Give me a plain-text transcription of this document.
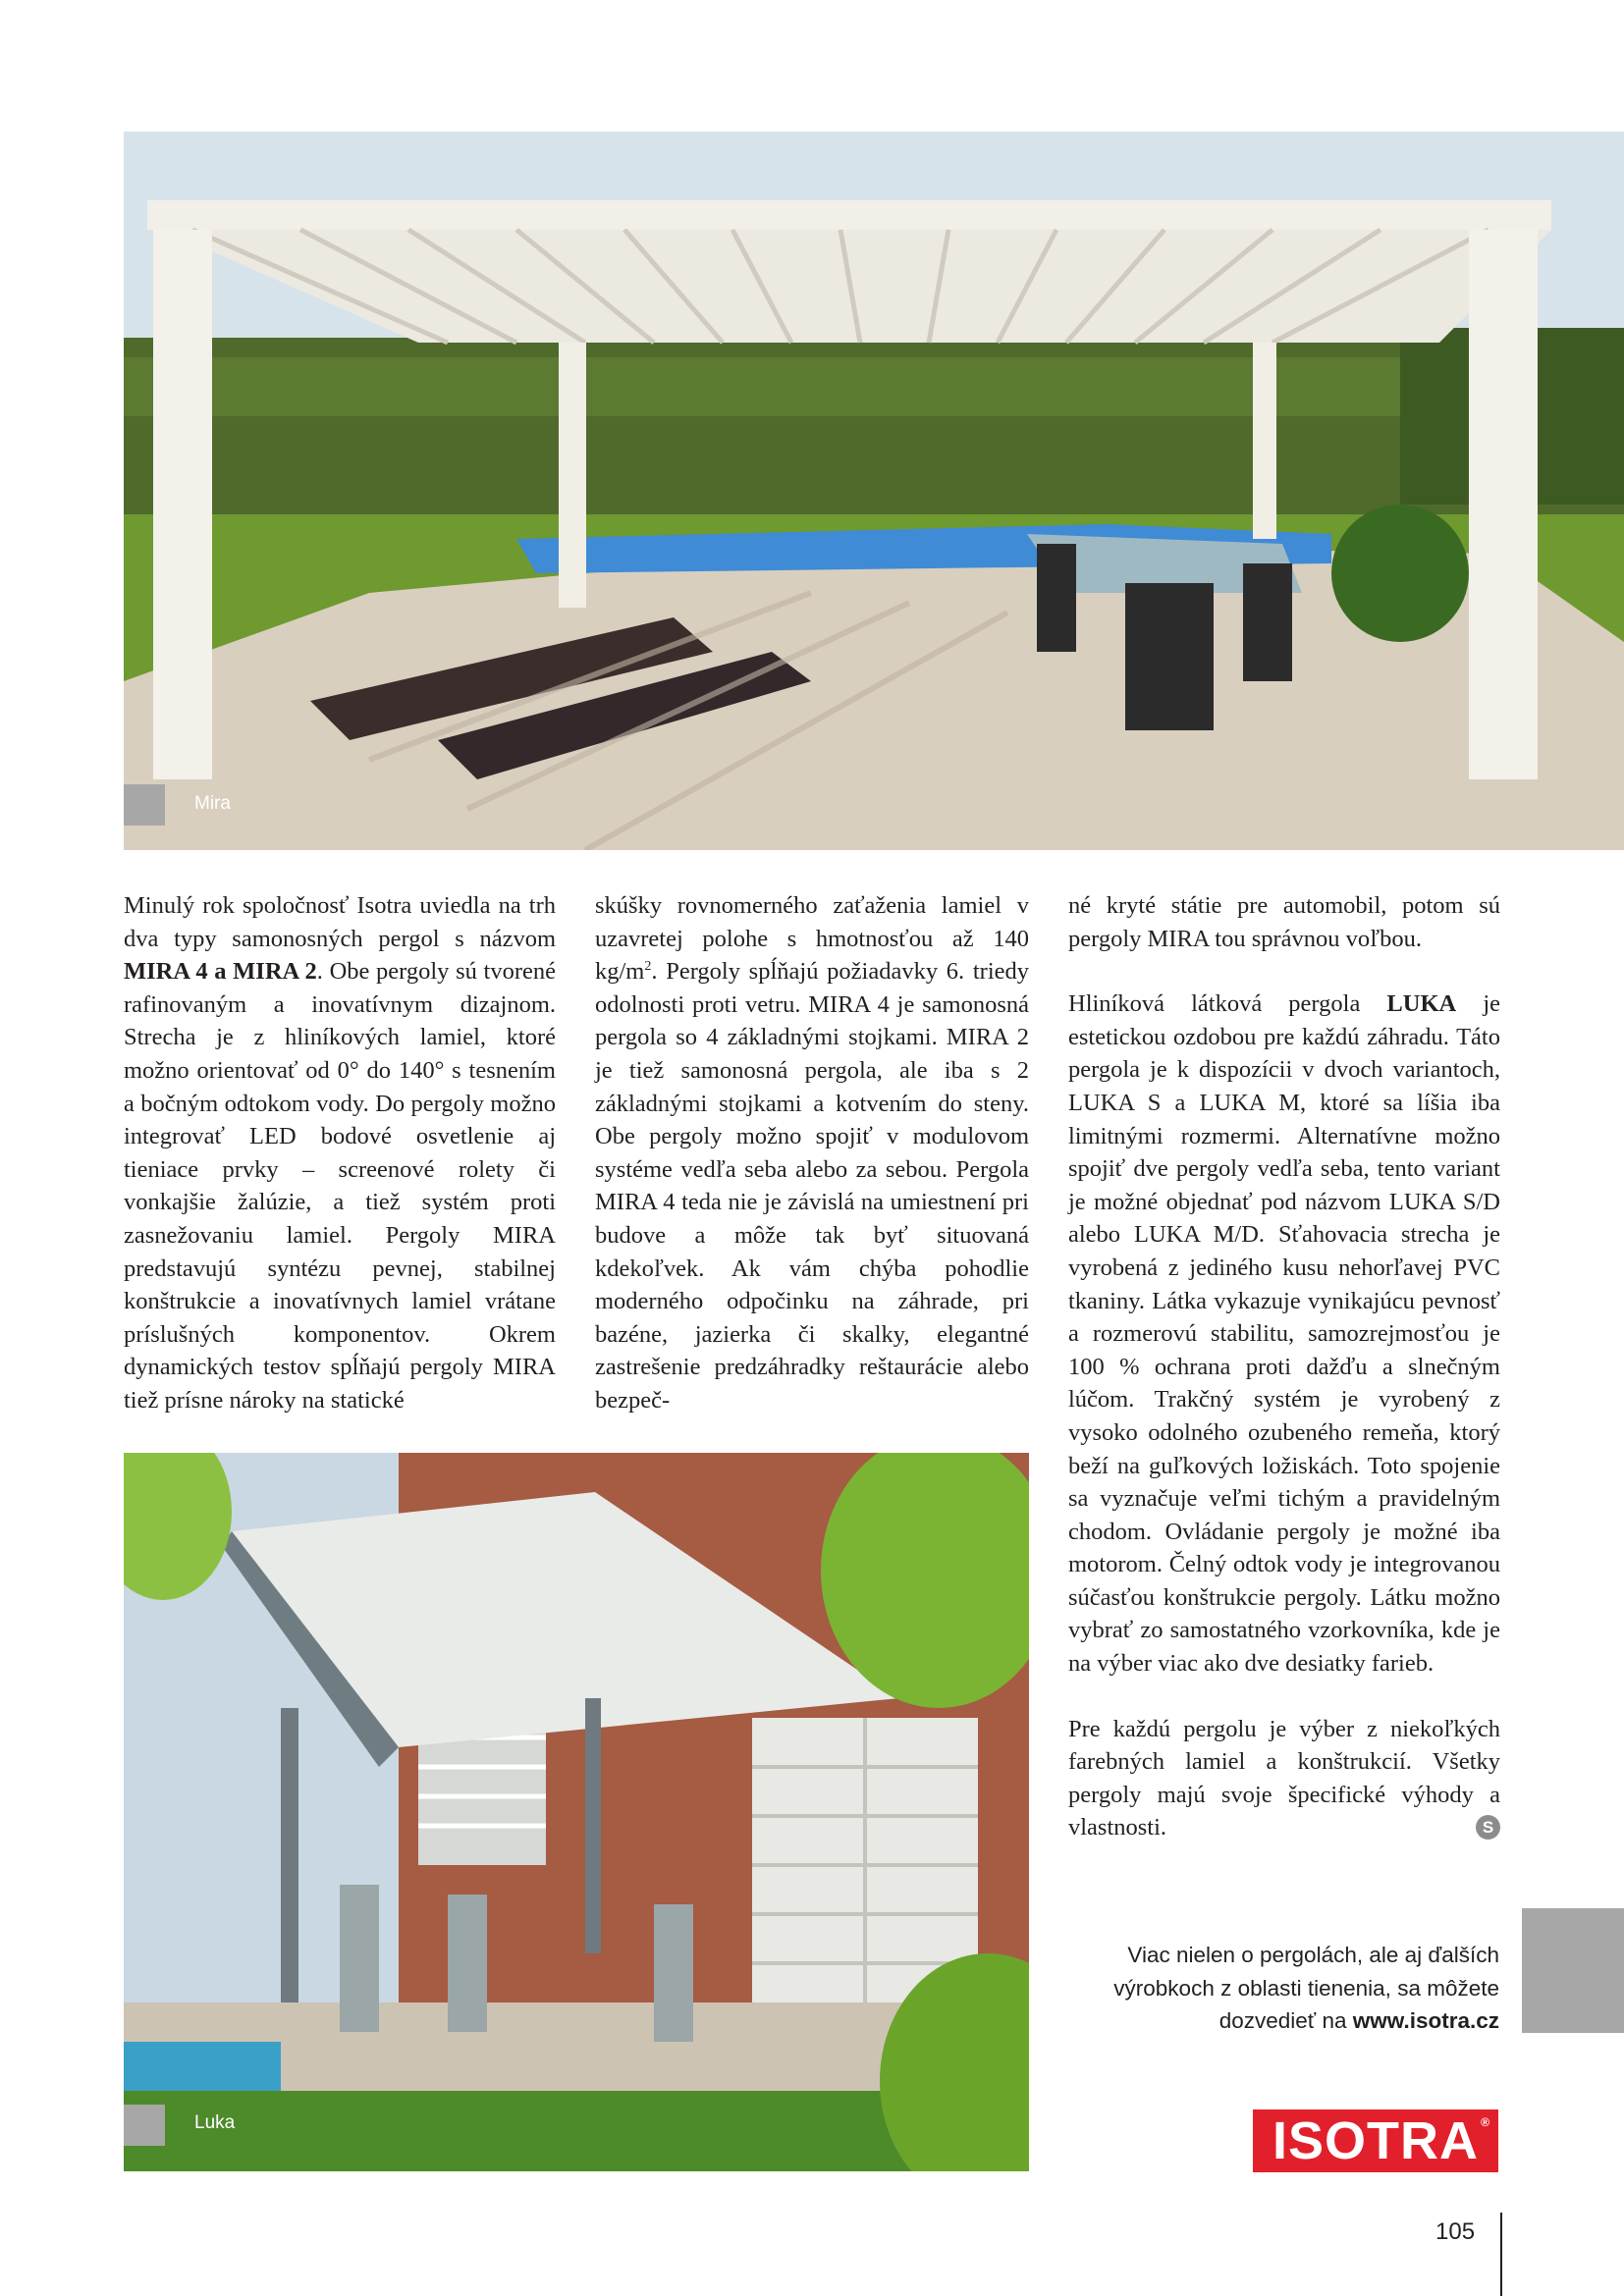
Mira

Minulý rok spoločnosť Isotra uviedla na trh dva typy samonosných pergol s názvom MIRA 4 a MIRA 2. Obe pergoly sú tvorené rafinovaným a inovatívnym dizajnom. Strecha je z hliníkových lamiel, ktoré možno orientovať od 0° do 140° s tesnením a bočným odtokom vody. Do pergoly možno integrovať LED bodové osvetlenie aj tieniace prvky – screenové rolety či vonkajšie žalúzie, a tiež systém proti zasnežovaniu lamiel. Pergoly MIRA predstavujú syntézu pevnej, stabilnej konštrukcie a inovatívnych lamiel vrátane príslušných komponentov. Okrem dynamických testov spĺňajú pergoly MIRA tiež prísne nároky na statické

skúšky rovnomerného zaťaženia lamiel v uzavretej polohe s hmotnosťou až 140 $kg/m^2$. Pergoly spĺňajú požiadavky 6. triedy odolnosti proti vetru. MIRA 4 je samonosná pergola so 4 základnými stojkami. MIRA 2 je tiež samonosná pergola, ale iba s 2 základnými stojkami a kotvením do steny. Obe pergoly možno spojiť v modulovom systéme vedľa seba alebo za sebou. Pergola MIRA 4 teda nie je závislá na umiestnení pri budove a môže tak byť situovaná kdekoľvek. Ak vám chýba pohodlie moderného odpočinku na záhrade, pri bazéne, jazierka či skalky, elegantné zastrešenie predzáhradky reštaurácie alebo bezpeč-

né kryté státie pre automobil, potom sú pergoly MIRA tou správnou voľbou.

Hliníková látková pergola LUKA je estetickou ozdobou pre každú záhradu. Táto pergola je k dispozícii v dvoch variantoch, LUKA S a LUKA M, ktoré sa líšia iba limitnými rozmermi. Alternatívne možno spojiť dve pergoly vedľa seba, tento variant je možné objednať pod názvom LUKA S/D alebo LUKA M/D. Sťahovacia strecha je vyrobená z jediného kusu nehorľavej PVC tkaniny. Látka vykazuje vynikajúcu pevnosť a rozmerovú stabilitu, samozrejmosťou je 100 % ochrana proti dažďu a slnečným lúčom. Trakčný systém je vyrobený z vysoko odolného ozubeného remeňa, ktorý beží na guľkových ložiskách. Toto spojenie sa vyznačuje veľmi tichým a pravidelným chodom. Ovládanie pergoly je možné iba motorom. Čelný odtok vody je integrovanou súčasťou konštrukcie pergoly. Látku možno vybrať zo samostatného vzorkovníka, kde je na výber viac ako dve desiatky farieb.

Pre každú pergolu je výber z niekoľkých farebných lamiel a konštrukcií. Všetky pergoly majú svoje špecifické výhody a vlastnosti.	S

Luka
Viac nielen o pergolách, ale aj ďalších výrobkoch z oblasti tienenia, sa môžete dozvedieť na www.isotra.cz
ISOTRA ®
105
